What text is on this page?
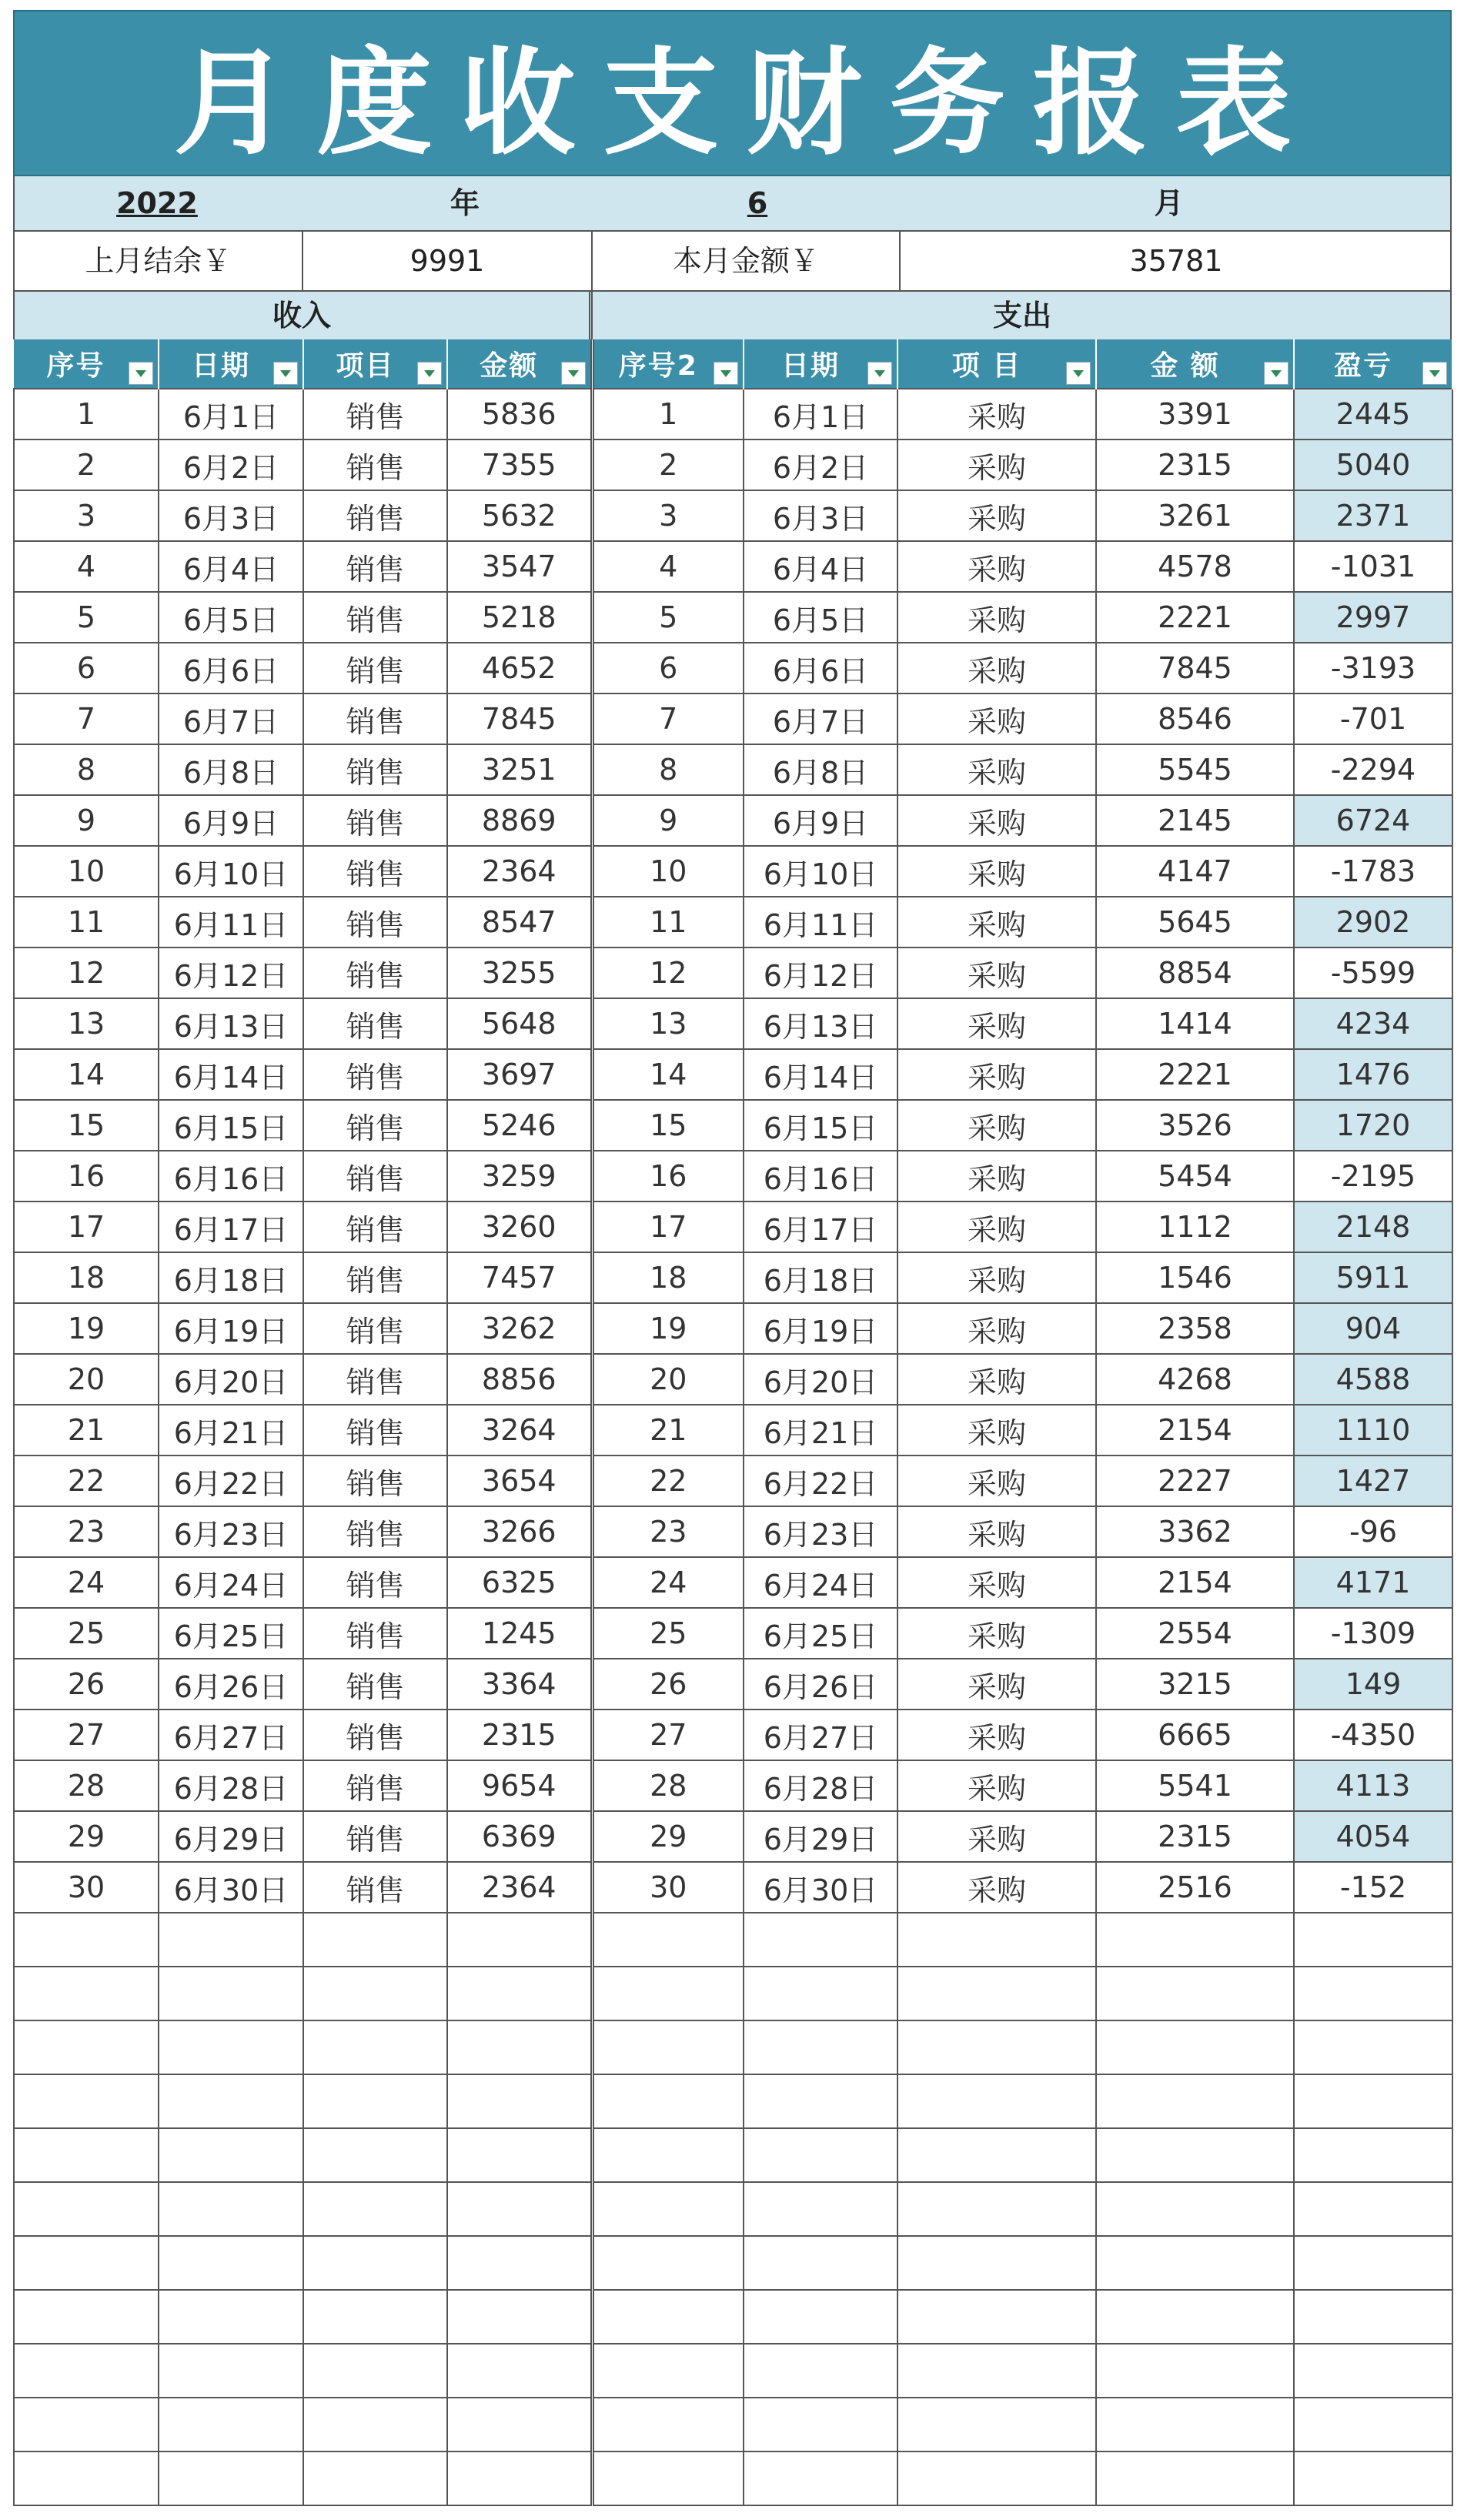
月度收支财务报表
2022	年	6	月
上月结余￥	9991	本月金额￥	35781
收入	支出
序号	日期	项目	金额	序号2	日期	项 目	金 额	盈亏

1	6月1日	销售	5836	1	6月1日	采购	3391	2445
2	6月2日	销售	7355	2	6月2日	采购	2315	5040
3	6月3日	销售	5632	3	6月3日	采购	3261	2371
4	6月4日	销售	3547	4	6月4日	采购	4578	-1031
5	6月5日	销售	5218	5	6月5日	采购	2221	2997
6	6月6日	销售	4652	6	6月6日	采购	7845	-3193
7	6月7日	销售	7845	7	6月7日	采购	8546	-701
8	6月8日	销售	3251	8	6月8日	采购	5545	-2294
9	6月9日	销售	8869	9	6月9日	采购	2145	6724
10	6月10日	销售	2364	10	6月10日	采购	4147	-1783
11	6月11日	销售	8547	11	6月11日	采购	5645	2902
12	6月12日	销售	3255	12	6月12日	采购	8854	-5599
13	6月13日	销售	5648	13	6月13日	采购	1414	4234
14	6月14日	销售	3697	14	6月14日	采购	2221	1476
15	6月15日	销售	5246	15	6月15日	采购	3526	1720
16	6月16日	销售	3259	16	6月16日	采购	5454	-2195
17	6月17日	销售	3260	17	6月17日	采购	1112	2148
18	6月18日	销售	7457	18	6月18日	采购	1546	5911
19	6月19日	销售	3262	19	6月19日	采购	2358	904
20	6月20日	销售	8856	20	6月20日	采购	4268	4588
21	6月21日	销售	3264	21	6月21日	采购	2154	1110
22	6月22日	销售	3654	22	6月22日	采购	2227	1427
23	6月23日	销售	3266	23	6月23日	采购	3362	-96
24	6月24日	销售	6325	24	6月24日	采购	2154	4171
25	6月25日	销售	1245	25	6月25日	采购	2554	-1309
26	6月26日	销售	3364	26	6月26日	采购	3215	149
27	6月27日	销售	2315	27	6月27日	采购	6665	-4350
28	6月28日	销售	9654	28	6月28日	采购	5541	4113
29	6月29日	销售	6369	29	6月29日	采购	2315	4054
30	6月30日	销售	2364	30	6月30日	采购	2516	-152
